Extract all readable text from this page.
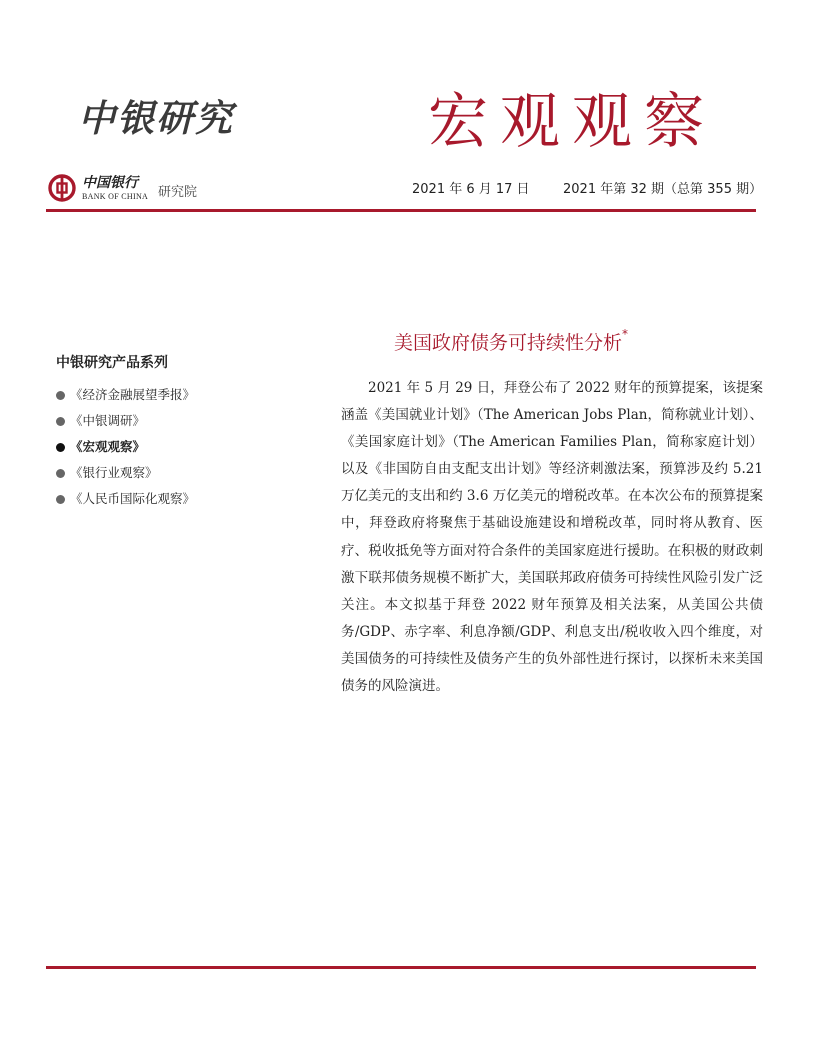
中银研究	宏观观察
中国银行
BANK OF CHINA 研究院	2021 年 6 月 17 日	2021 年第 32 期（总第 355 期）
中银研究产品系列
《经济金融展望季报》
《中银调研》
《宏观观察》
《银行业观察》
《人民币国际化观察》
美国政府债务可持续性分析*

2021 年 5 月 29 日，拜登公布了 2022 财年的预算提案，该提案涵盖《美国就业计划》（The American Jobs Plan，简称就业计划）、《美国家庭计划》（The American Families Plan，简称家庭计划）以及《非国防自由支配支出计划》等经济刺激法案，预算涉及约 5.21 万亿美元的支出和约 3.6 万亿美元的增税改革。在本次公布的预算提案中，拜登政府将聚焦于基础设施建设和增税改革，同时将从教育、医疗、税收抵免等方面对符合条件的美国家庭进行援助。在积极的财政刺激下联邦债务规模不断扩大，美国联邦政府债务可持续性风险引发广泛关注。本文拟基于拜登 2022 财年预算及相关法案，从美国公共债务/GDP、赤字率、利息净额/GDP、利息支出/税收收入四个维度，对美国债务的可持续性及债务产生的负外部性进行探讨，以探析未来美国债务的风险演进。
